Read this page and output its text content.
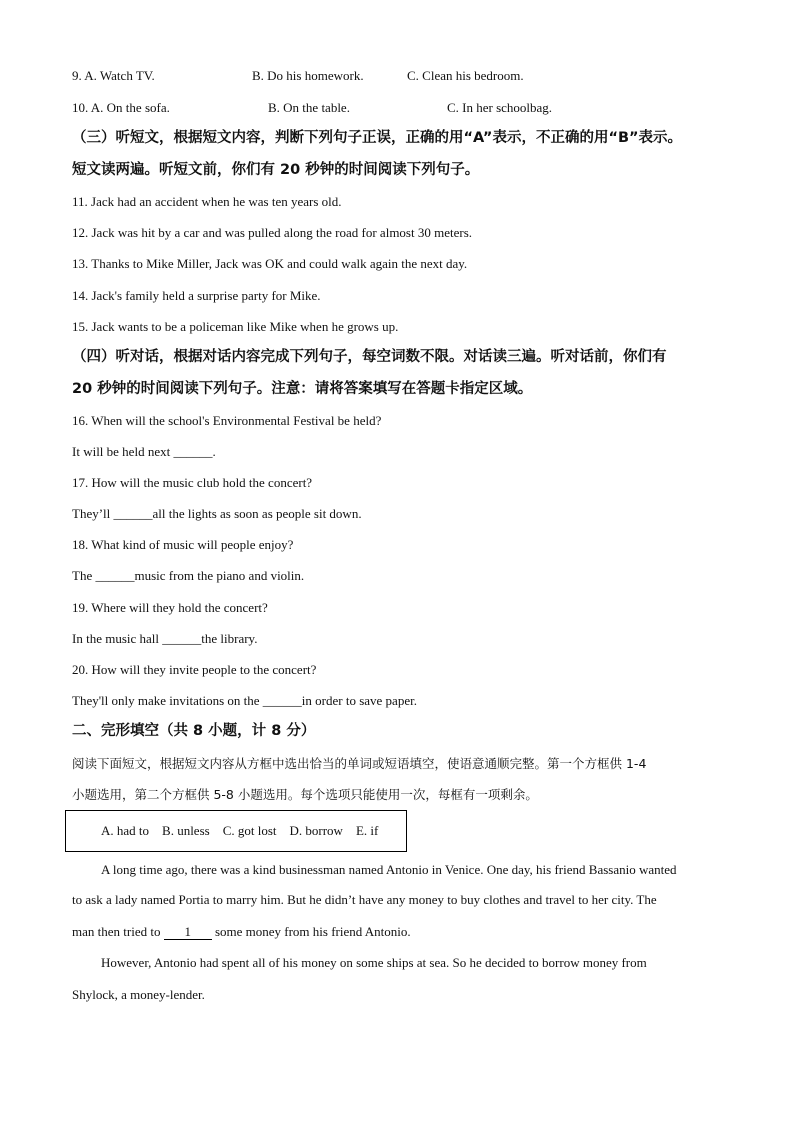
9. A. Watch TV.	B. Do his homework.	C. Clean his bedroom.
10. A. On the sofa.	B. On the table.	C. In her schoolbag.
（三）听短文，根据短文内容，判断下列句子正误，正确的用“A”表示，不正确的用“B”表示。
短文读两遍。听短文前，你们有 20 秒钟的时间阅读下列句子。
11. Jack had an accident when he was ten years old.
12. Jack was hit by a car and was pulled along the road for almost 30 meters.
13. Thanks to Mike Miller, Jack was OK and could walk again the next day.
14. Jack's family held a surprise party for Mike.
15. Jack wants to be a policeman like Mike when he grows up.
（四）听对话，根据对话内容完成下列句子，每空词数不限。对话读三遍。听对话前，你们有
20 秒钟的时间阅读下列句子。注意：请将答案填写在答题卡指定区域。
16. When will the school's Environmental Festival be held?
It will be held next ______.
17. How will the music club hold the concert?
They’ll ______all the lights as soon as people sit down.
18. What kind of music will people enjoy?
The ______music from the piano and violin.
19. Where will they hold the concert?
In the music hall ______the library.
20. How will they invite people to the concert?
They'll only make invitations on the ______in order to save paper.
二、完形填空（共 8 小题，计 8 分）
阅读下面短文，根据短文内容从方框中选出恰当的单词或短语填空，使语意通顺完整。第一个方框供 1-4
小题选用，第二个方框供 5-8 小题选用。每个选项只能使用一次，每框有一项剩余。
A. had to    B. unless    C. got lost    D. borrow    E. if
A long time ago, there was a kind businessman named Antonio in Venice. One day, his friend Bassanio wanted
to ask a lady named Portia to marry him. But he didn’t have any money to buy clothes and travel to her city. The
man then tried to 1 some money from his friend Antonio.
However, Antonio had spent all of his money on some ships at sea. So he decided to borrow money from
Shylock, a money-lender.
